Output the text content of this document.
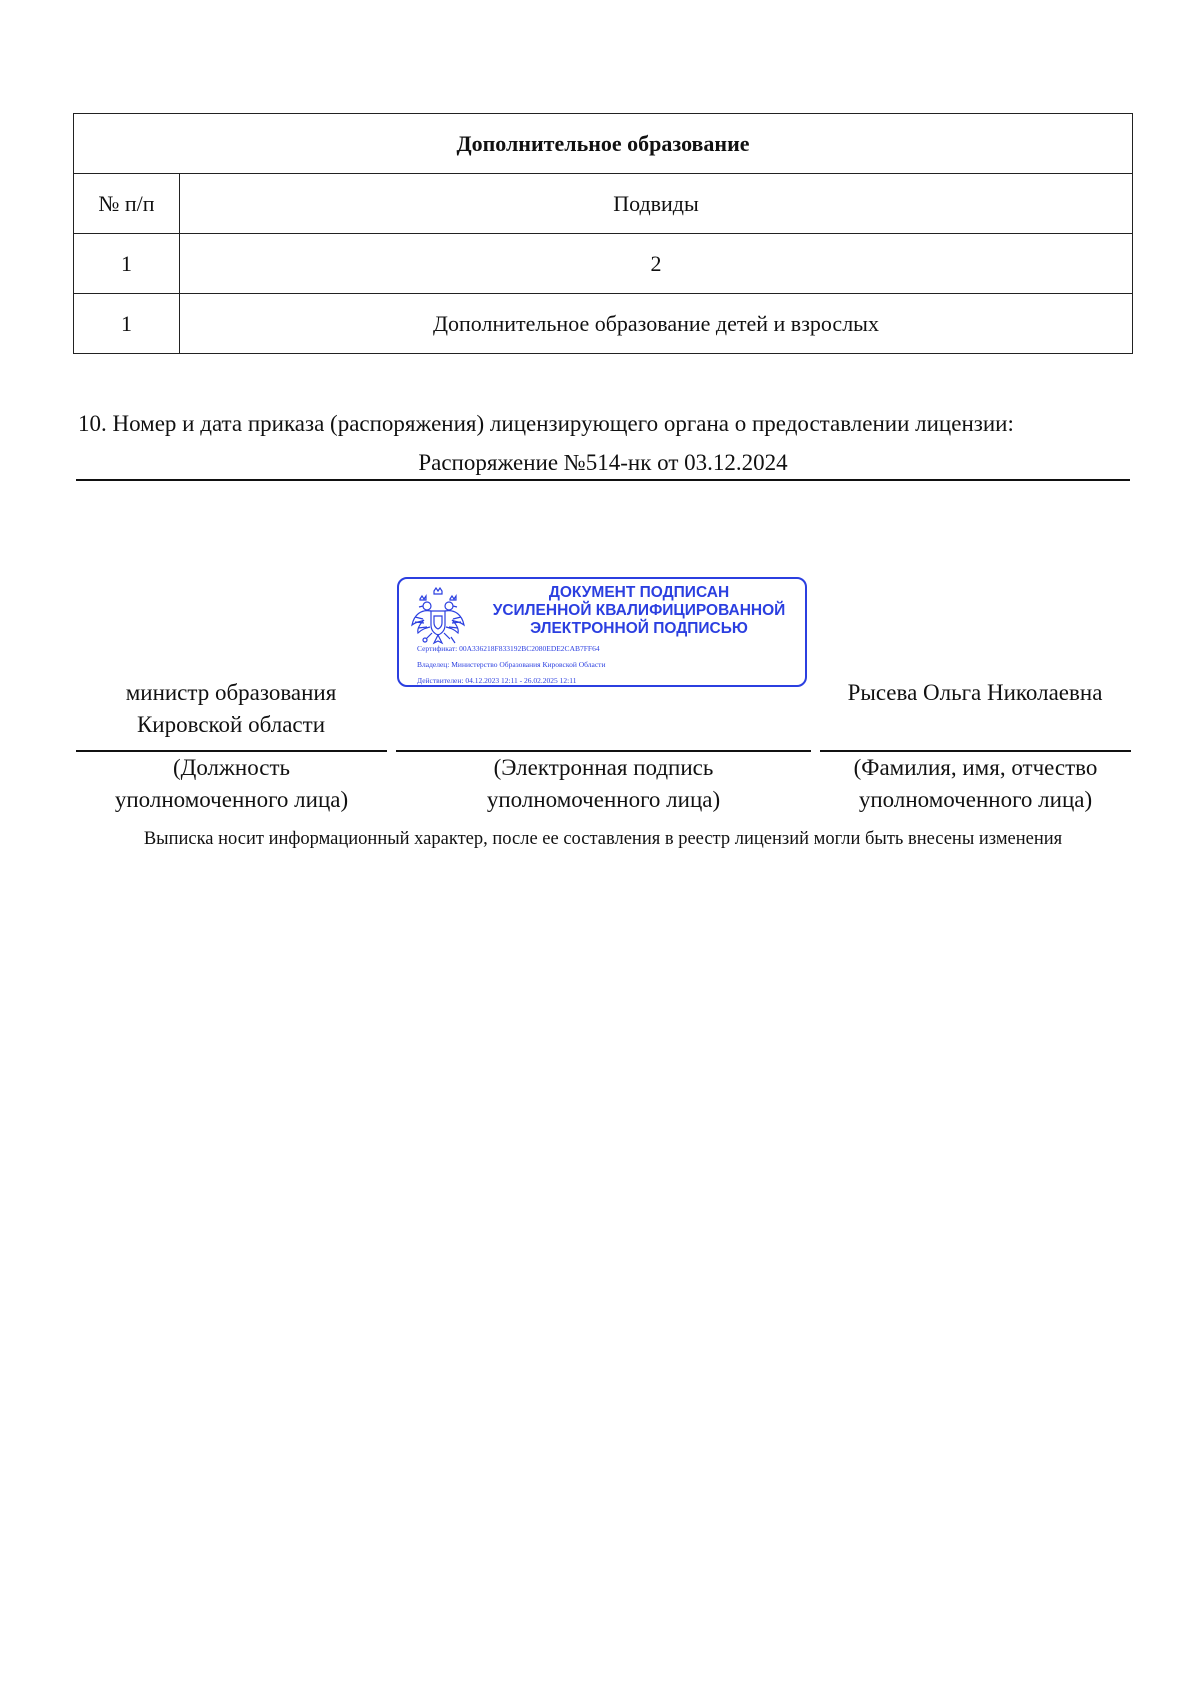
Дополнительное образование	
№ п/п	Подвиды
1	2
1	Дополнительное образование детей и взрослых
10. Номер и дата приказа (распоряжения) лицензирующего органа о предоставлении лицензии:
Распоряжение №514-нк от 03.12.2024
ДОКУМЕНТ ПОДПИСАН
УСИЛЕННОЙ КВАЛИФИЦИРОВАННОЙ
ЭЛЕКТРОННОЙ ПОДПИСЬЮ
Сертификат: 00A336218F833192BC2080EDE2CAB7FF64
Владелец: Министерство Образования Кировской Области
Действителен: 04.12.2023 12:11 - 26.02.2025 12:11
министр образования
Кировской области
Рысева Ольга Николаевна
(Должность
уполномоченного лица)
(Электронная подпись
уполномоченного лица)
(Фамилия, имя, отчество
уполномоченного лица)
Выписка носит информационный характер, после ее составления в реестр лицензий могли быть внесены изменения
